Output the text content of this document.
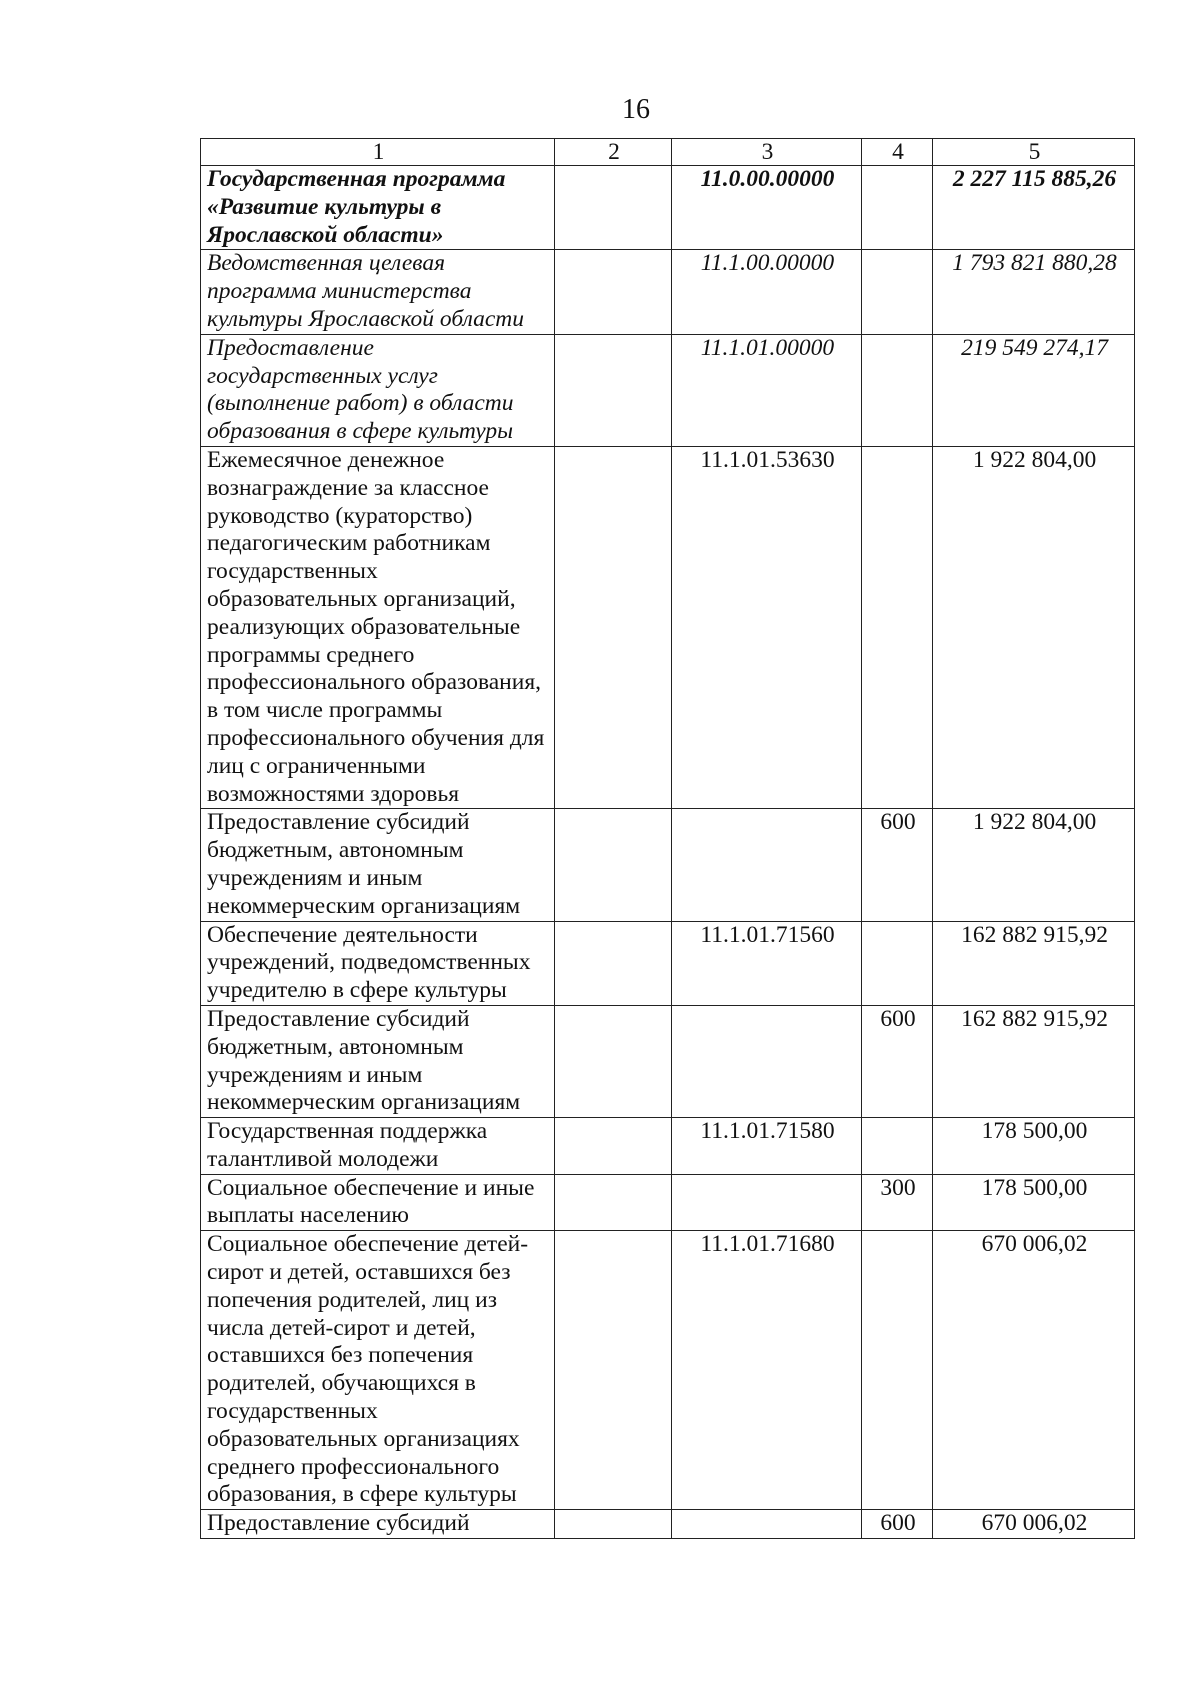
16
1	2	3	4	5
Государственная программа «Развитие культуры в Ярославской области»		11.0.00.00000		2 227 115 885,26
Ведомственная целевая программа министерства культуры Ярославской области		11.1.00.00000		1 793 821 880,28
Предоставление государственных услуг (выполнение работ) в области образования в сфере культуры		11.1.01.00000		219 549 274,17
Ежемесячное денежное вознаграждение за классное руководство (кураторство) педагогическим работникам государственных образовательных организаций, реализующих образовательные программы среднего профессионального образования, в том числе программы профессионального обучения для лиц с ограниченными возможностями здоровья		11.1.01.53630		1 922 804,00
Предоставление субсидий бюджетным, автономным учреждениям и иным некоммерческим организациям			600	1 922 804,00
Обеспечение деятельности учреждений, подведомственных учредителю в сфере культуры		11.1.01.71560		162 882 915,92
Предоставление субсидий бюджетным, автономным учреждениям и иным некоммерческим организациям			600	162 882 915,92
Государственная поддержка талантливой молодежи		11.1.01.71580		178 500,00
Социальное обеспечение и иные выплаты населению			300	178 500,00
Социальное обеспечение детей-сирот и детей, оставшихся без попечения родителей, лиц из числа детей-сирот и детей, оставшихся без попечения родителей, обучающихся в государственных образовательных организациях среднего профессионального образования, в сфере культуры		11.1.01.71680		670 006,02
Предоставление субсидий			600	670 006,02
